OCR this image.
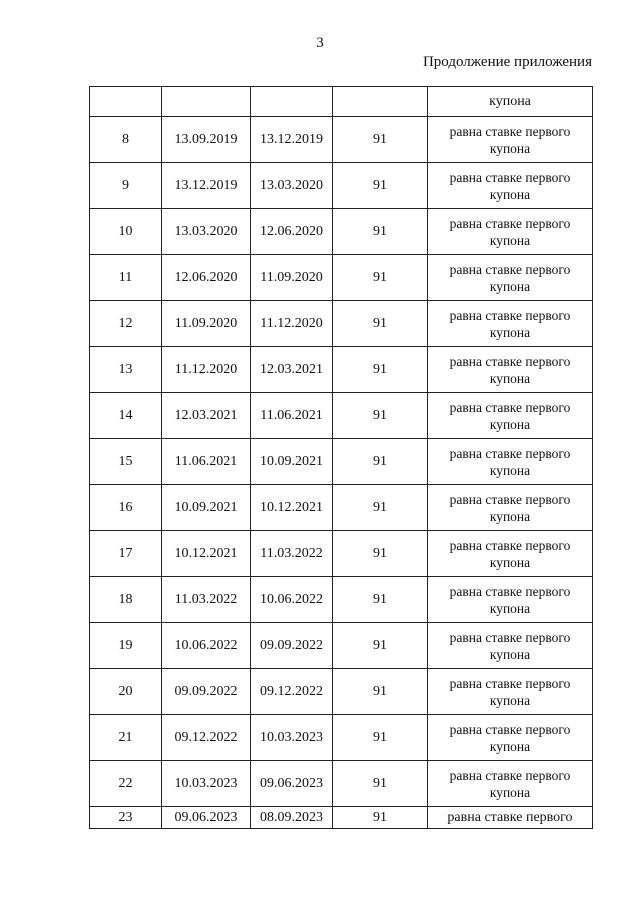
3
Продолжение приложения
				купона
8	13.09.2019	13.12.2019	91	равна ставке первого
купона

9	13.12.2019	13.03.2020	91	равна ставке первого
купона

10	13.03.2020	12.06.2020	91	равна ставке первого
купона

11	12.06.2020	11.09.2020	91	равна ставке первого
купона

12	11.09.2020	11.12.2020	91	равна ставке первого
купона

13	11.12.2020	12.03.2021	91	равна ставке первого
купона

14	12.03.2021	11.06.2021	91	равна ставке первого
купона

15	11.06.2021	10.09.2021	91	равна ставке первого
купона

16	10.09.2021	10.12.2021	91	равна ставке первого
купона

17	10.12.2021	11.03.2022	91	равна ставке первого
купона

18	11.03.2022	10.06.2022	91	равна ставке первого
купона

19	10.06.2022	09.09.2022	91	равна ставке первого
купона

20	09.09.2022	09.12.2022	91	равна ставке первого
купона

21	09.12.2022	10.03.2023	91	равна ставке первого
купона

22	10.03.2023	09.06.2023	91	равна ставке первого
купона

23	09.06.2023	08.09.2023	91	равна ставке первого
